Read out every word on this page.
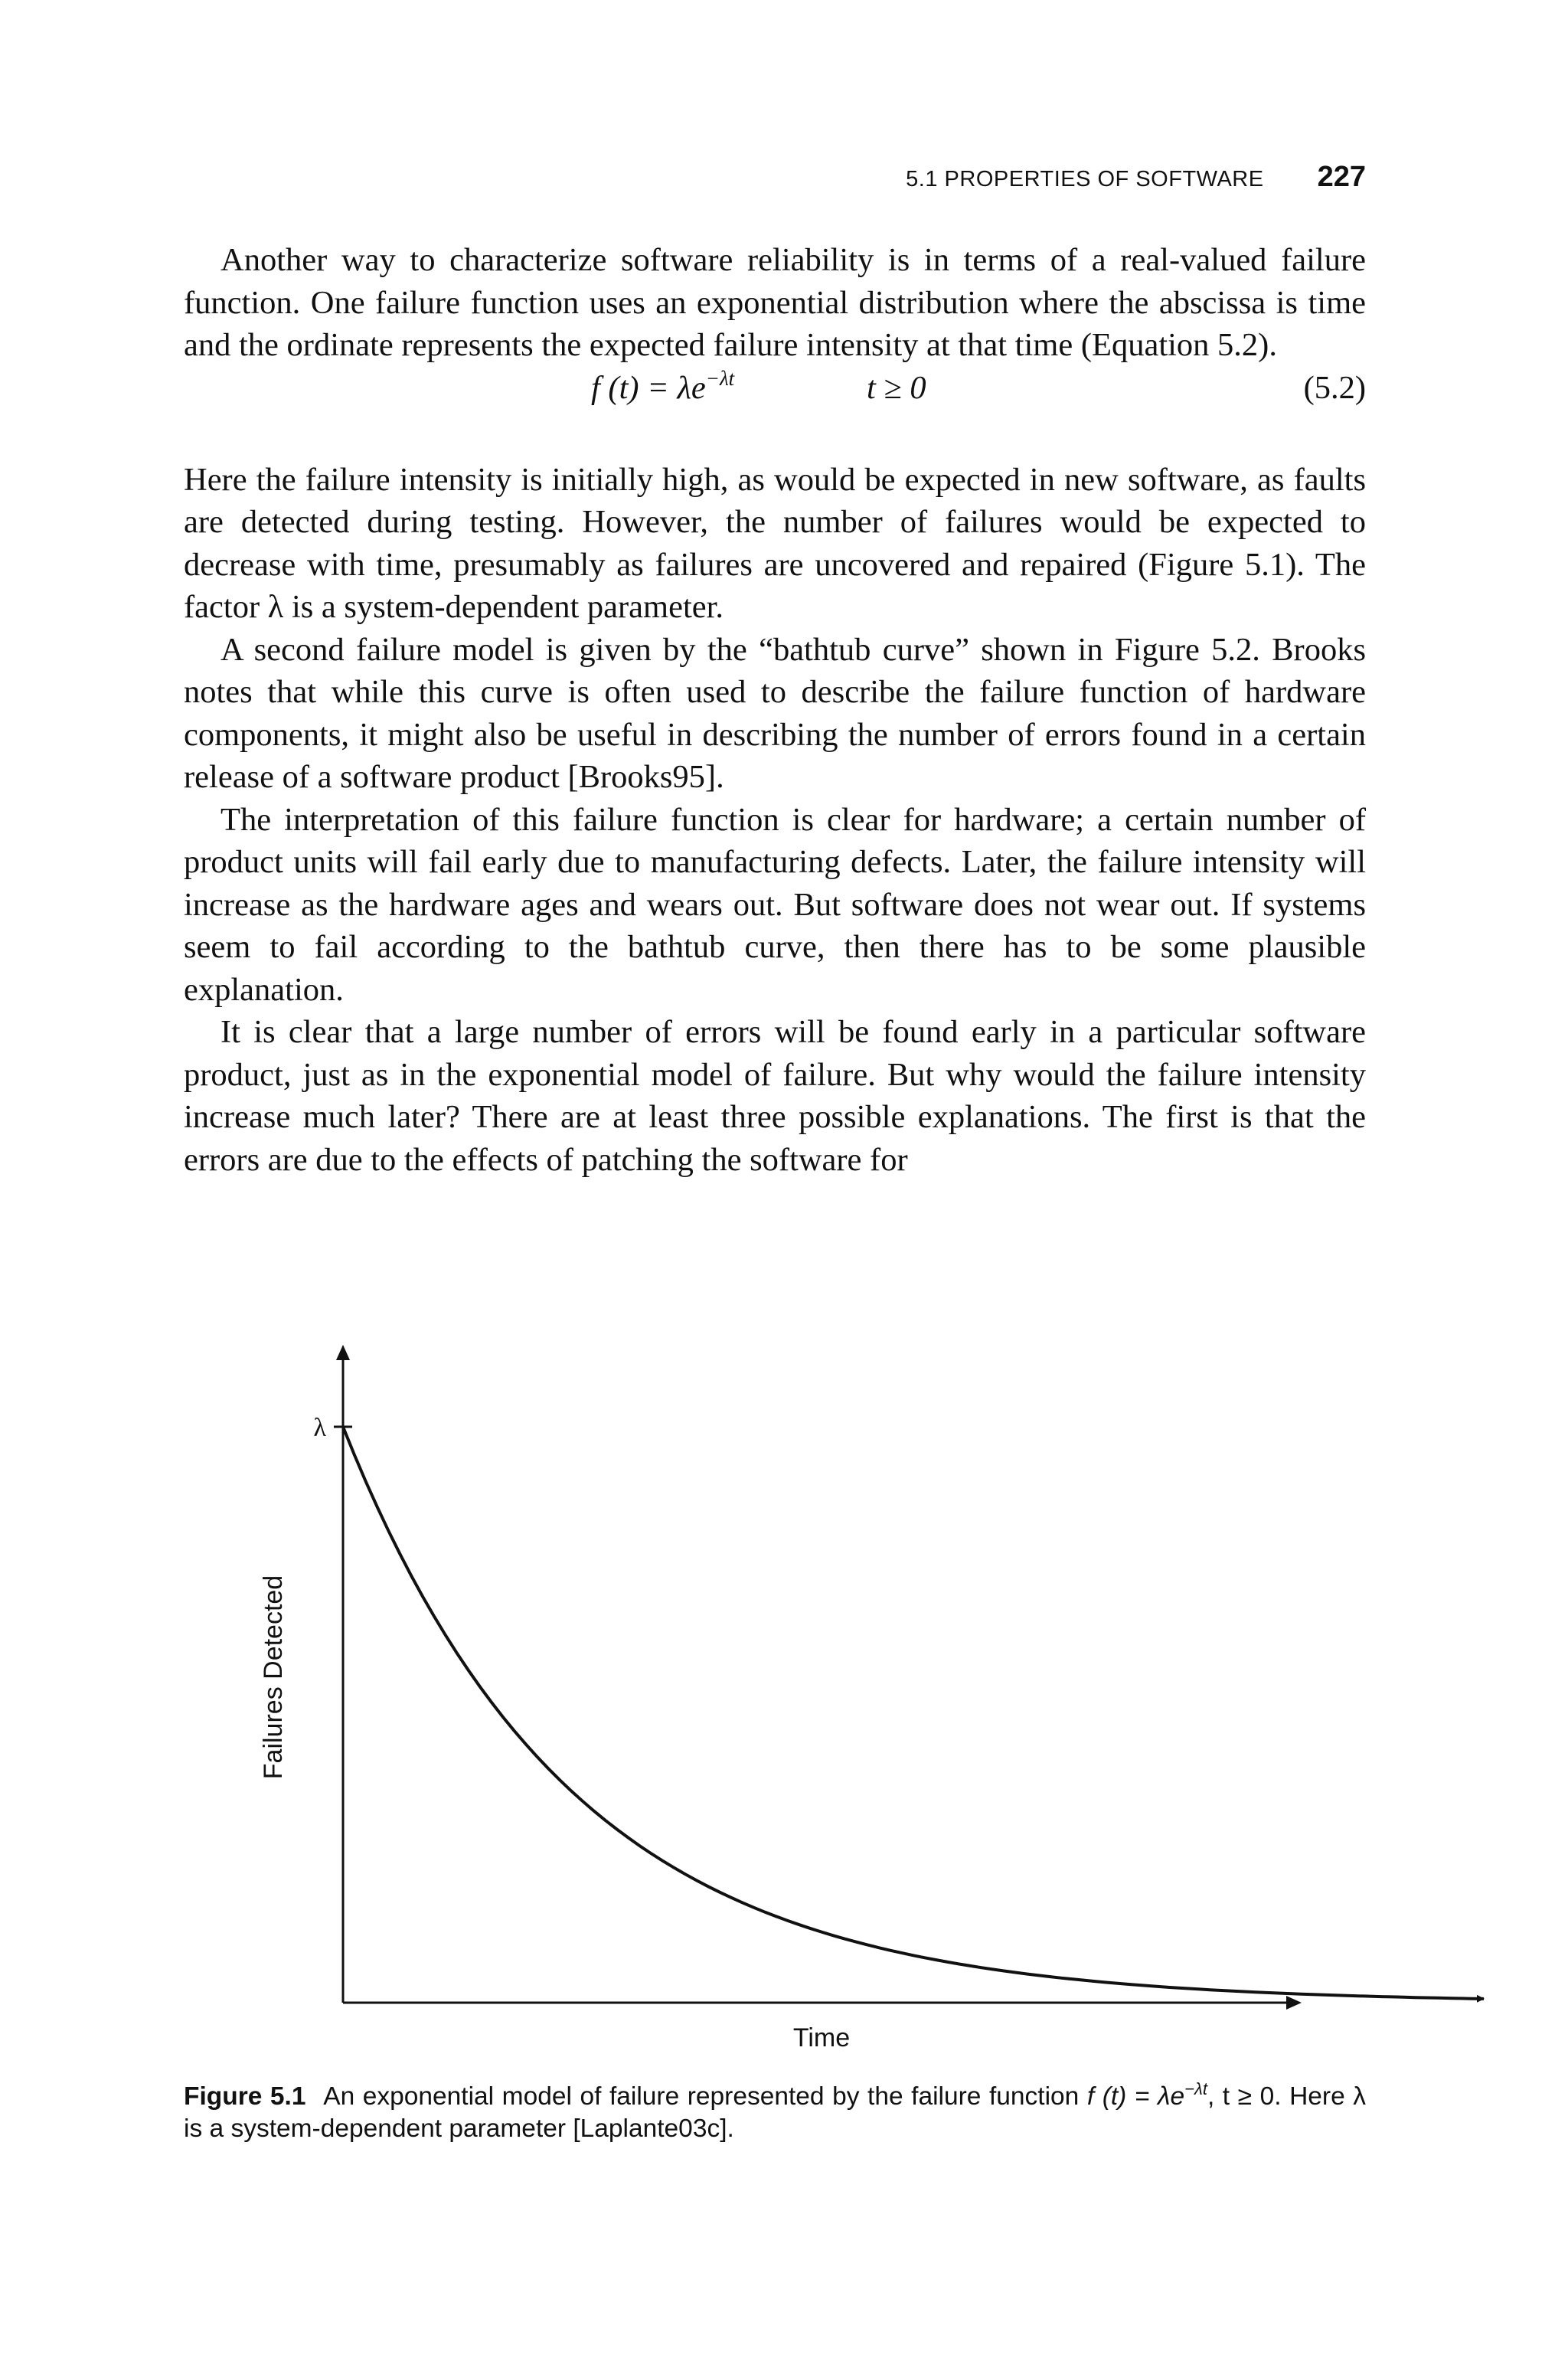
5.1 PROPERTIES OF SOFTWARE 227

Another way to characterize software reliability is in terms of a real-valued failure function. One failure function uses an exponential distribution where the abscissa is time and the ordinate represents the expected failure intensity at that time (Equation 5.2).

f $(t) = \lambda e^{-\lambda t}$	t ≥ 0	(5.2)

Here the failure intensity is initially high, as would be expected in new software, as faults are detected during testing. However, the number of failures would be expected to decrease with time, presumably as failures are uncovered and repaired (Figure 5.1). The factor λ is a system-dependent parameter.

A second failure model is given by the “bathtub curve” shown in Figure 5.2. Brooks notes that while this curve is often used to describe the failure function of hardware components, it might also be useful in describing the number of errors found in a certain release of a software product [Brooks95].

The interpretation of this failure function is clear for hardware; a certain number of product units will fail early due to manufacturing defects. Later, the failure intensity will increase as the hardware ages and wears out. But software does not wear out. If systems seem to fail according to the bathtub curve, then there has to be some plausible explanation.

It is clear that a large number of errors will be found early in a particular software product, just as in the exponential model of failure. But why would the failure intensity increase much later? There are at least three possible explanations. The first is that the errors are due to the effects of patching the software for

λ
Time
Failures Detected
Figure 5.1 An exponential model of failure represented by the failure function f $(t) = \lambda e^{-\lambda t}$, t ≥ 0. Here λ is a system-dependent parameter [Laplante03c].
